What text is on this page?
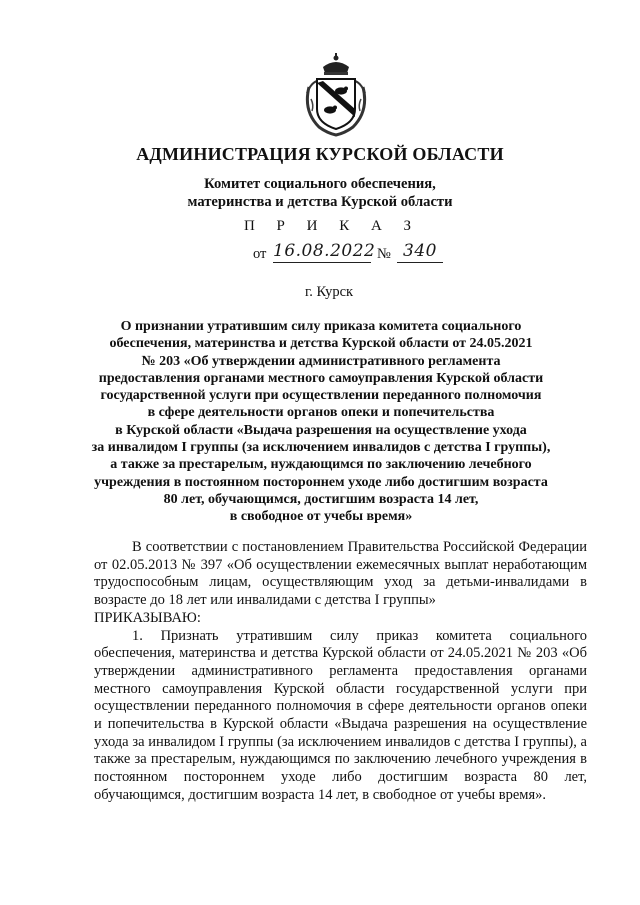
АДМИНИСТРАЦИЯ КУРСКОЙ ОБЛАСТИ
Комитет социального обеспечения,
материнства и детства Курской области
П Р И К А З
от 16.08.2022 № 340
г. Курск
О признании утратившим силу приказа комитета социального
обеспечения, материнства и детства Курской области от 24.05.2021
№ 203 «Об утверждении административного регламента
предоставления органами местного самоуправления Курской области
государственной услуги при осуществлении переданного полномочия
в сфере деятельности органов опеки и попечительства
в Курской области «Выдача разрешения на осуществление ухода
за инвалидом I группы (за исключением инвалидов с детства I группы),
а также за престарелым, нуждающимся по заключению лечебного
учреждения в постоянном постороннем уходе либо достигшим возраста
80 лет, обучающимся, достигшим возраста 14 лет,
в свободное от учебы время»

В соответствии с постановлением Правительства Российской Федерации от 02.05.2013 № 397 «Об осуществлении ежемесячных выплат неработающим трудоспособным лицам, осуществляющим уход за детьми-инвалидами в возрасте до 18 лет или инвалидами с детства I группы»

ПРИКАЗЫВАЮ:

1. Признать утратившим силу приказ комитета социального обеспечения, материнства и детства Курской области от 24.05.2021 № 203 «Об утверждении административного регламента предоставления органами местного самоуправления Курской области государственной услуги при осуществлении переданного полномочия в сфере деятельности органов опеки и попечительства в Курской области «Выдача разрешения на осуществление ухода за инвалидом I группы (за исключением инвалидов с детства I группы), а также за престарелым, нуждающимся по заключению лечебного учреждения в постоянном постороннем уходе либо достигшим возраста 80 лет, обучающимся, достигшим возраста 14 лет, в свободное от учебы время».
